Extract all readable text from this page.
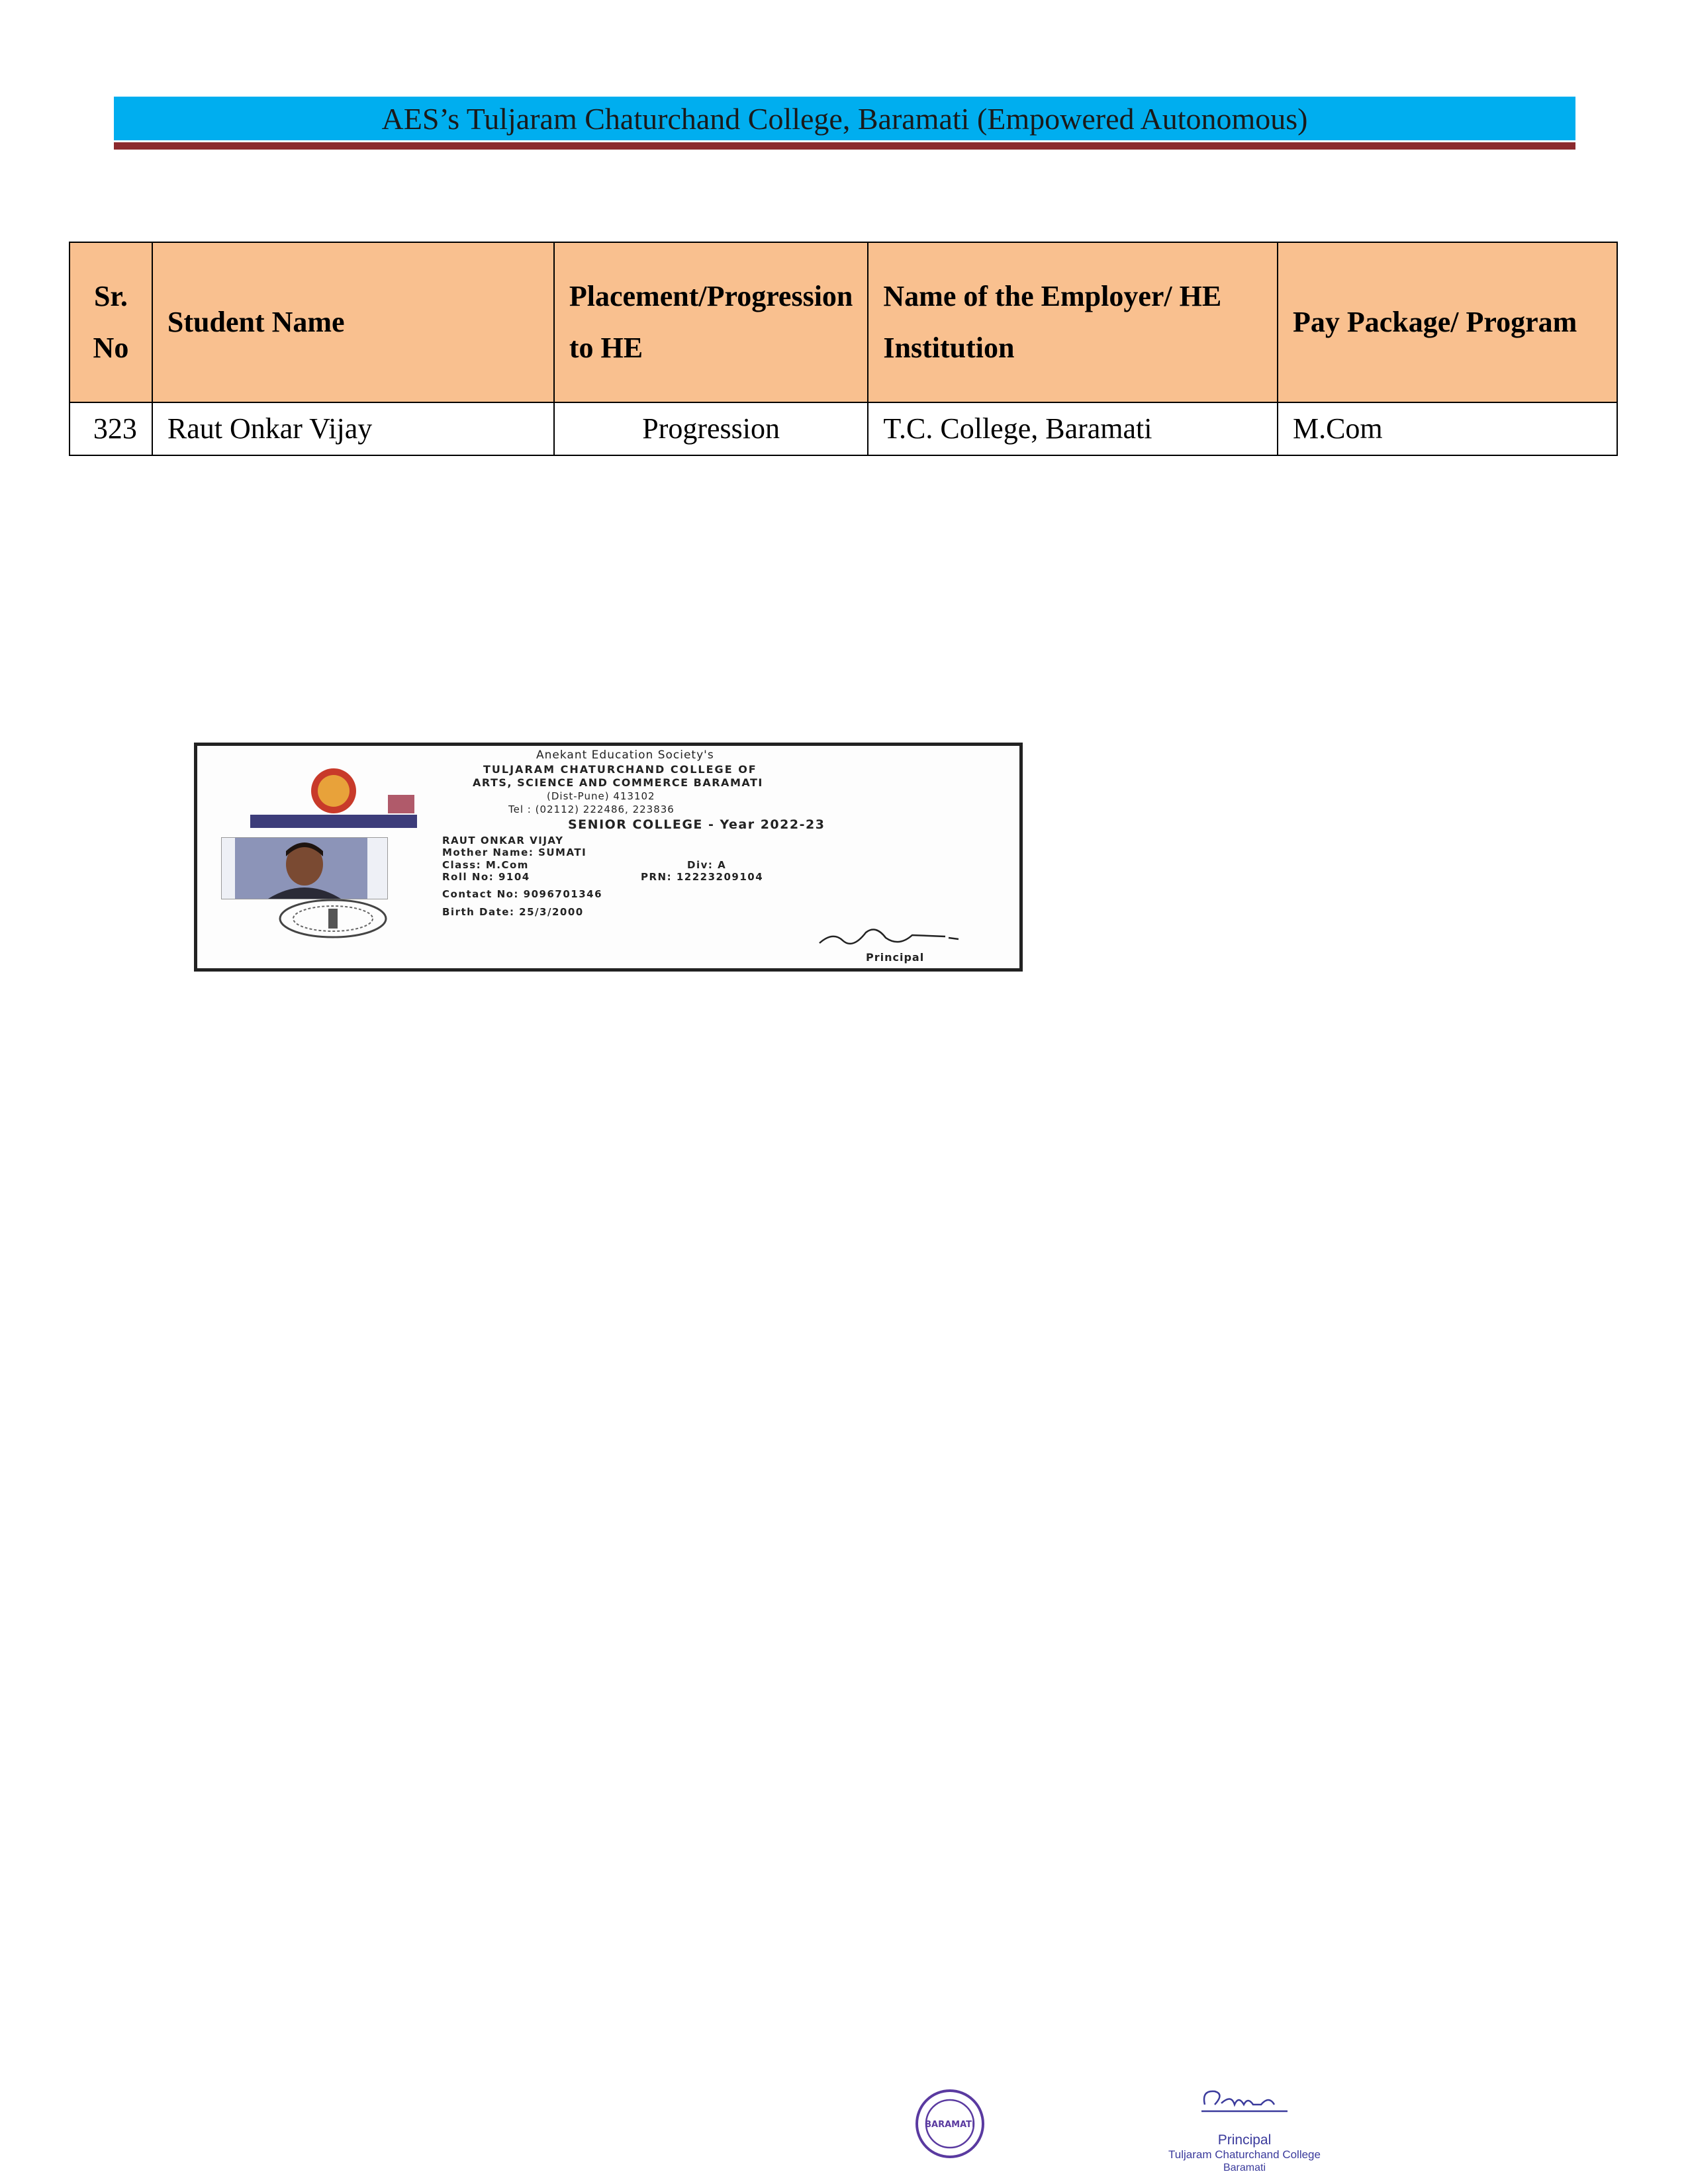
AES’s Tuljaram Chaturchand College, Baramati (Empowered Autonomous)
Sr. No	Student Name	Placement/Progression to HE	Name of the Employer/ HE Institution	Pay Package/ Program
323	Raut Onkar Vijay	Progression	T.C. College, Baramati	M.Com
Anekant Education Society's
TULJARAM CHATURCHAND COLLEGE OF
ARTS, SCIENCE AND COMMERCE BARAMATI
(Dist-Pune) 413102
Tel : (02112) 222486, 223836
SENIOR COLLEGE - Year 2022-23
RAUT ONKAR VIJAY
Mother Name: SUMATI
Class: M.Com	Div: A
Roll No: 9104	PRN: 12223209104
Contact No: 9096701346
Birth Date: 25/3/2000
Principal
BARAMATI
Principal
Tuljaram Chaturchand College
Baramati
